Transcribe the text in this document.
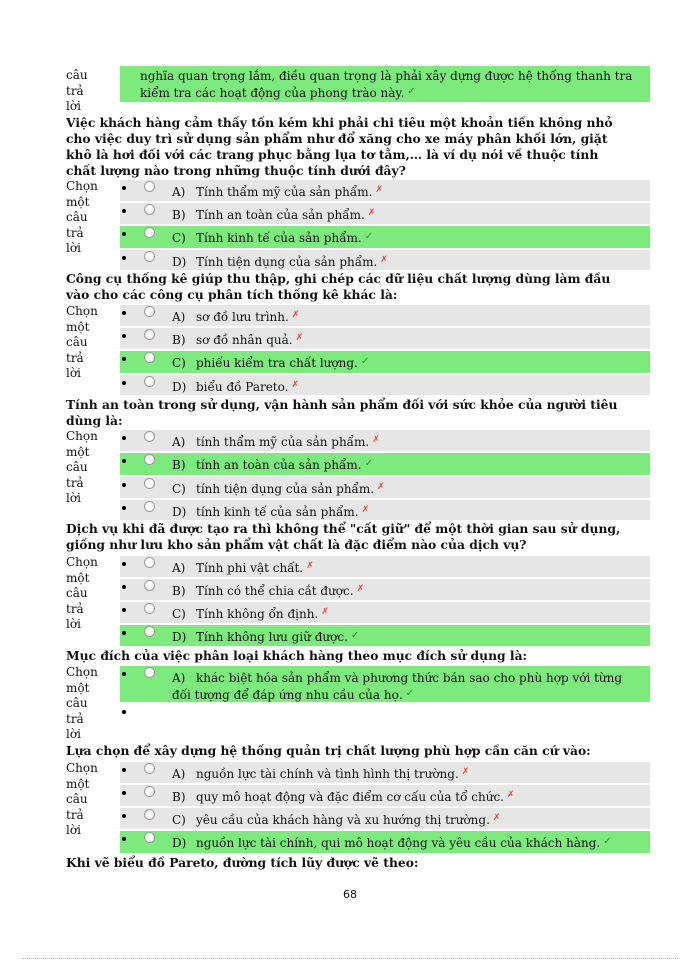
câu
trả
lời
nghĩa quan trọng lắm, điều quan trọng là phải xây dựng được hệ thống thanh tra kiểm tra các hoạt động của phong trào này. ✓
Việc khách hàng cảm thấy tốn kém khi phải chi tiêu một khoản tiền không nhỏ cho việc duy trì sử dụng sản phẩm như đổ xăng cho xe máy phân khối lớn, giặt khô là hơi đối với các trang phục bằng lụa tơ tằm,… là ví dụ nói về thuộc tính chất lượng nào trong những thuộc tính dưới đây?
Chọn
một
câu
trả
lời
A) Tính thẩm mỹ của sản phẩm. ✗
B) Tính an toàn của sản phẩm. ✗
C) Tính kinh tế của sản phẩm. ✓
D) Tính tiện dụng của sản phẩm. ✗
Công cụ thống kê giúp thu thập, ghi chép các dữ liệu chất lượng dùng làm đầu vào cho các công cụ phân tích thống kê khác là:
Chọn
một
câu
trả
lời
A) sơ đồ lưu trình. ✗
B) sơ đồ nhân quả. ✗
C) phiếu kiểm tra chất lượng. ✓
D) biểu đồ Pareto. ✗
Tính an toàn trong sử dụng, vận hành sản phẩm đối với sức khỏe của người tiêu dùng là:
Chọn
một
câu
trả
lời
A) tính thẩm mỹ của sản phẩm. ✗
B) tính an toàn của sản phẩm. ✓
C) tính tiện dụng của sản phẩm. ✗
D) tính kinh tế của sản phẩm. ✗
Dịch vụ khi đã được tạo ra thì không thể "cất giữ" để một thời gian sau sử dụng, giống như lưu kho sản phẩm vật chất là đặc điểm nào của dịch vụ?
Chọn
một
câu
trả
lời
A) Tính phi vật chất. ✗
B) Tính có thể chia cắt được. ✗
C) Tính không ổn định. ✗
D) Tính không lưu giữ được. ✓
Mục đích của việc phân loại khách hàng theo mục đích sử dụng là:
Chọn
một
câu
trả
lời
A) khác biệt hóa sản phẩm và phương thức bán sao cho phù hợp với từng đối tượng để đáp ứng nhu cầu của họ. ✓
Lựa chọn để xây dựng hệ thống quản trị chất lượng phù hợp cần căn cứ vào:
Chọn
một
câu
trả
lời
A) nguồn lực tài chính và tình hình thị trường. ✗
B) quy mô hoạt động và đặc điểm cơ cấu của tổ chức. ✗
C) yêu cầu của khách hàng và xu hướng thị trường. ✗
D) nguồn lực tài chính, qui mô hoạt động và yêu cầu của khách hàng. ✓
Khi vẽ biểu đồ Pareto, đường tích lũy được vẽ theo:
68
